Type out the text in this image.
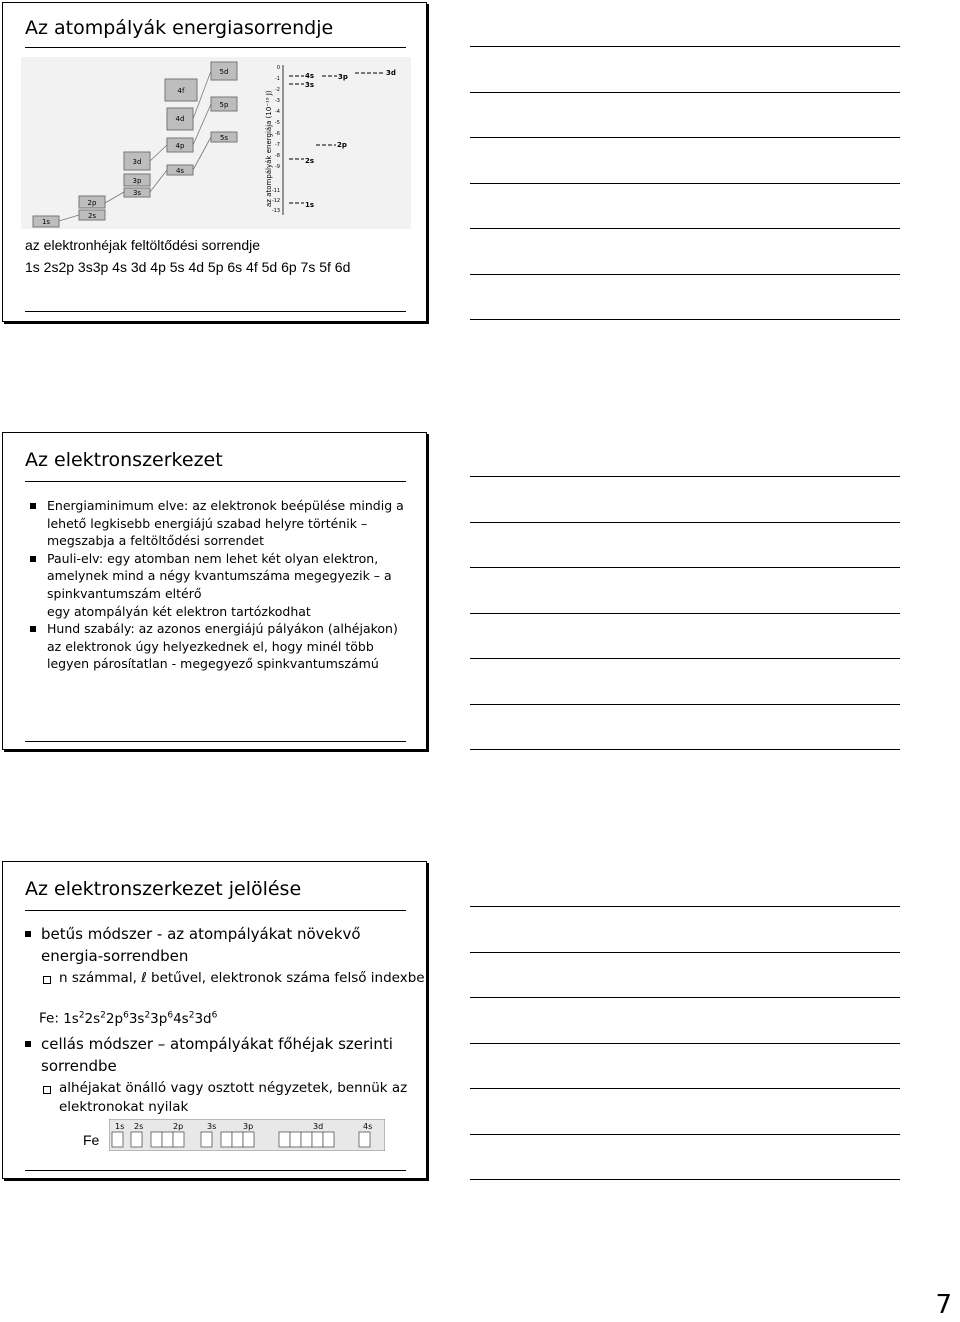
Az atompályák energiasorrendje
1s
2p
2s
3d
3p
3s
4f
4d
4p
4s
5d
5p
5s	az atompályák energiája (10⁻¹⁹ J)
0
-1
-2
-3
-4
-5
-6
-7
-8
-9
-11
-12
-13
4s
3s
3p	3d
2p
2s
1s
az elektronhéjak feltöltődési sorrendje
1s 2s2p 3s3p 4s 3d 4p 5s 4d 5p 6s 4f 5d 6p 7s 5f 6d
Az elektronszerkezet
Energiaminimum elve: az elektronok beépülése mindig a lehető legkisebb energiájú szabad helyre történik – megszabja a feltöltődési sorrendet
Pauli-elv: egy atomban nem lehet két olyan elektron, amelynek mind a négy kvantumszáma megegyezik – a spinkvantumszám eltérő
egy atompályán két elektron tartózkodhat
Hund szabály: az azonos energiájú pályákon (alhéjakon) az elektronok úgy helyezkednek el, hogy minél több legyen párosítatlan - megegyező spinkvantumszámú
Az elektronszerkezet jelölése
betűs módszer - az atompályákat növekvő energia-sorrendben
n számmal, ℓ betűvel, elektronok száma felső indexbe
Fe: $1s^22s^22p^63s^23p^64s^23d^6$
cellás módszer – atompályákat főhéjak szerinti sorrendbe
alhéjakat önálló vagy osztott négyzetek, bennük az elektronokat nyilak
Fe
1s 2s	2p	3s	3p	3d	4s
7
